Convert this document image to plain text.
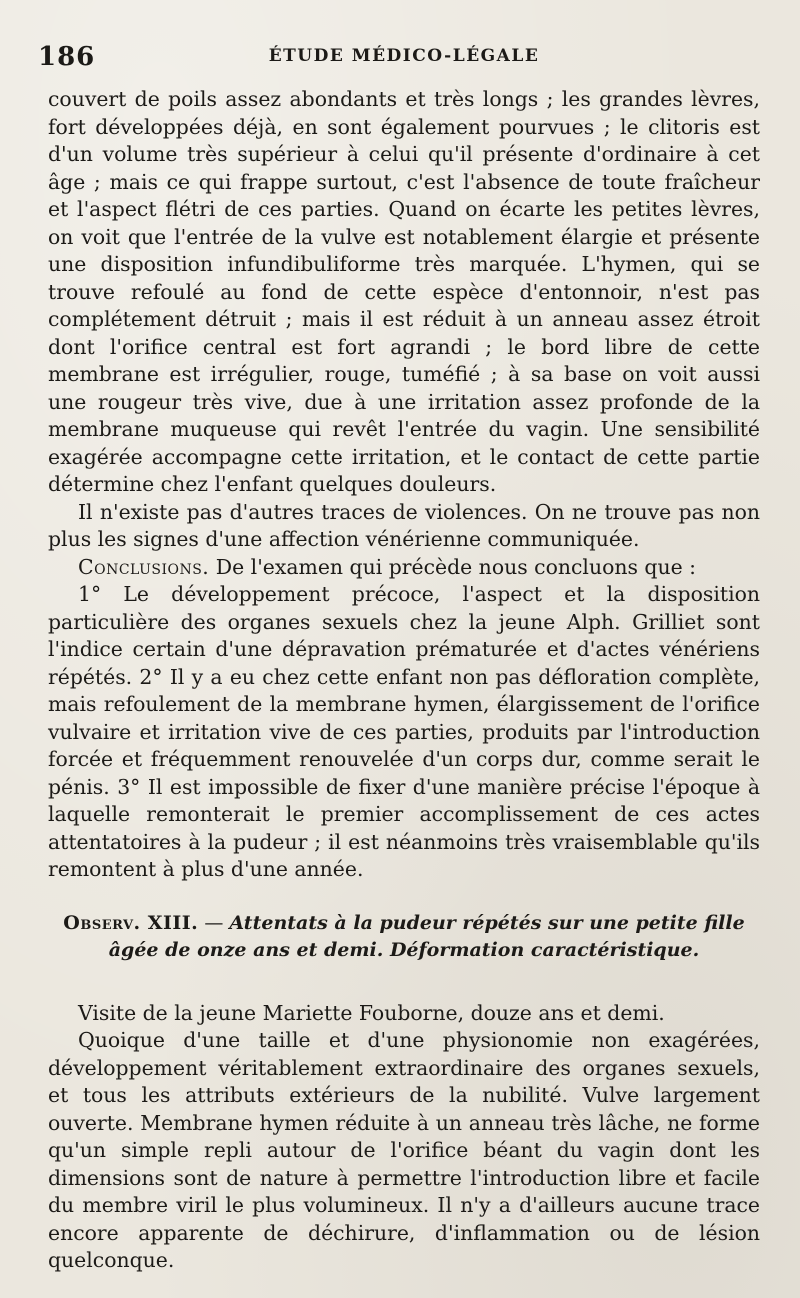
186	ÉTUDE MÉDICO-LÉGALE

couvert de poils assez abondants et très longs ; les grandes lèvres, fort développées déjà, en sont également pourvues ; le clitoris est d'un volume très supérieur à celui qu'il présente d'ordinaire à cet âge ; mais ce qui frappe surtout, c'est l'absence de toute fraîcheur et l'aspect flétri de ces parties. Quand on écarte les petites lèvres, on voit que l'entrée de la vulve est notablement élargie et présente une disposition infundibuliforme très marquée. L'hymen, qui se trouve refoulé au fond de cette espèce d'entonnoir, n'est pas complétement détruit ; mais il est réduit à un anneau assez étroit dont l'orifice central est fort agrandi ; le bord libre de cette membrane est irrégulier, rouge, tuméfié ; à sa base on voit aussi une rougeur très vive, due à une irritation assez profonde de la membrane muqueuse qui revêt l'entrée du vagin. Une sensibilité exagérée accompagne cette irritation, et le contact de cette partie détermine chez l'enfant quelques douleurs.

Il n'existe pas d'autres traces de violences. On ne trouve pas non plus les signes d'une affection vénérienne communiquée.

Conclusions. De l'examen qui précède nous concluons que :

1° Le développement précoce, l'aspect et la disposition particulière des organes sexuels chez la jeune Alph. Grilliet sont l'indice certain d'une dépravation prématurée et d'actes vénériens répétés. 2° Il y a eu chez cette enfant non pas défloration complète, mais refoulement de la membrane hymen, élargissement de l'orifice vulvaire et irritation vive de ces parties, produits par l'introduction forcée et fréquemment renouvelée d'un corps dur, comme serait le pénis. 3° Il est impossible de fixer d'une manière précise l'époque à laquelle remonterait le premier accomplissement de ces actes attentatoires à la pudeur ; il est néanmoins très vraisemblable qu'ils remontent à plus d'une année.

Observ. XIII. — Attentats à la pudeur répétés sur une petite fille âgée de onze ans et demi. Déformation caractéristique.

Visite de la jeune Mariette Fouborne, douze ans et demi.

Quoique d'une taille et d'une physionomie non exagérées, développement véritablement extraordinaire des organes sexuels, et tous les attributs extérieurs de la nubilité. Vulve largement ouverte. Membrane hymen réduite à un anneau très lâche, ne forme qu'un simple repli autour de l'orifice béant du vagin dont les dimensions sont de nature à permettre l'introduction libre et facile du membre viril le plus volumineux. Il n'y a d'ailleurs aucune trace encore apparente de déchirure, d'inflammation ou de lésion quelconque.
